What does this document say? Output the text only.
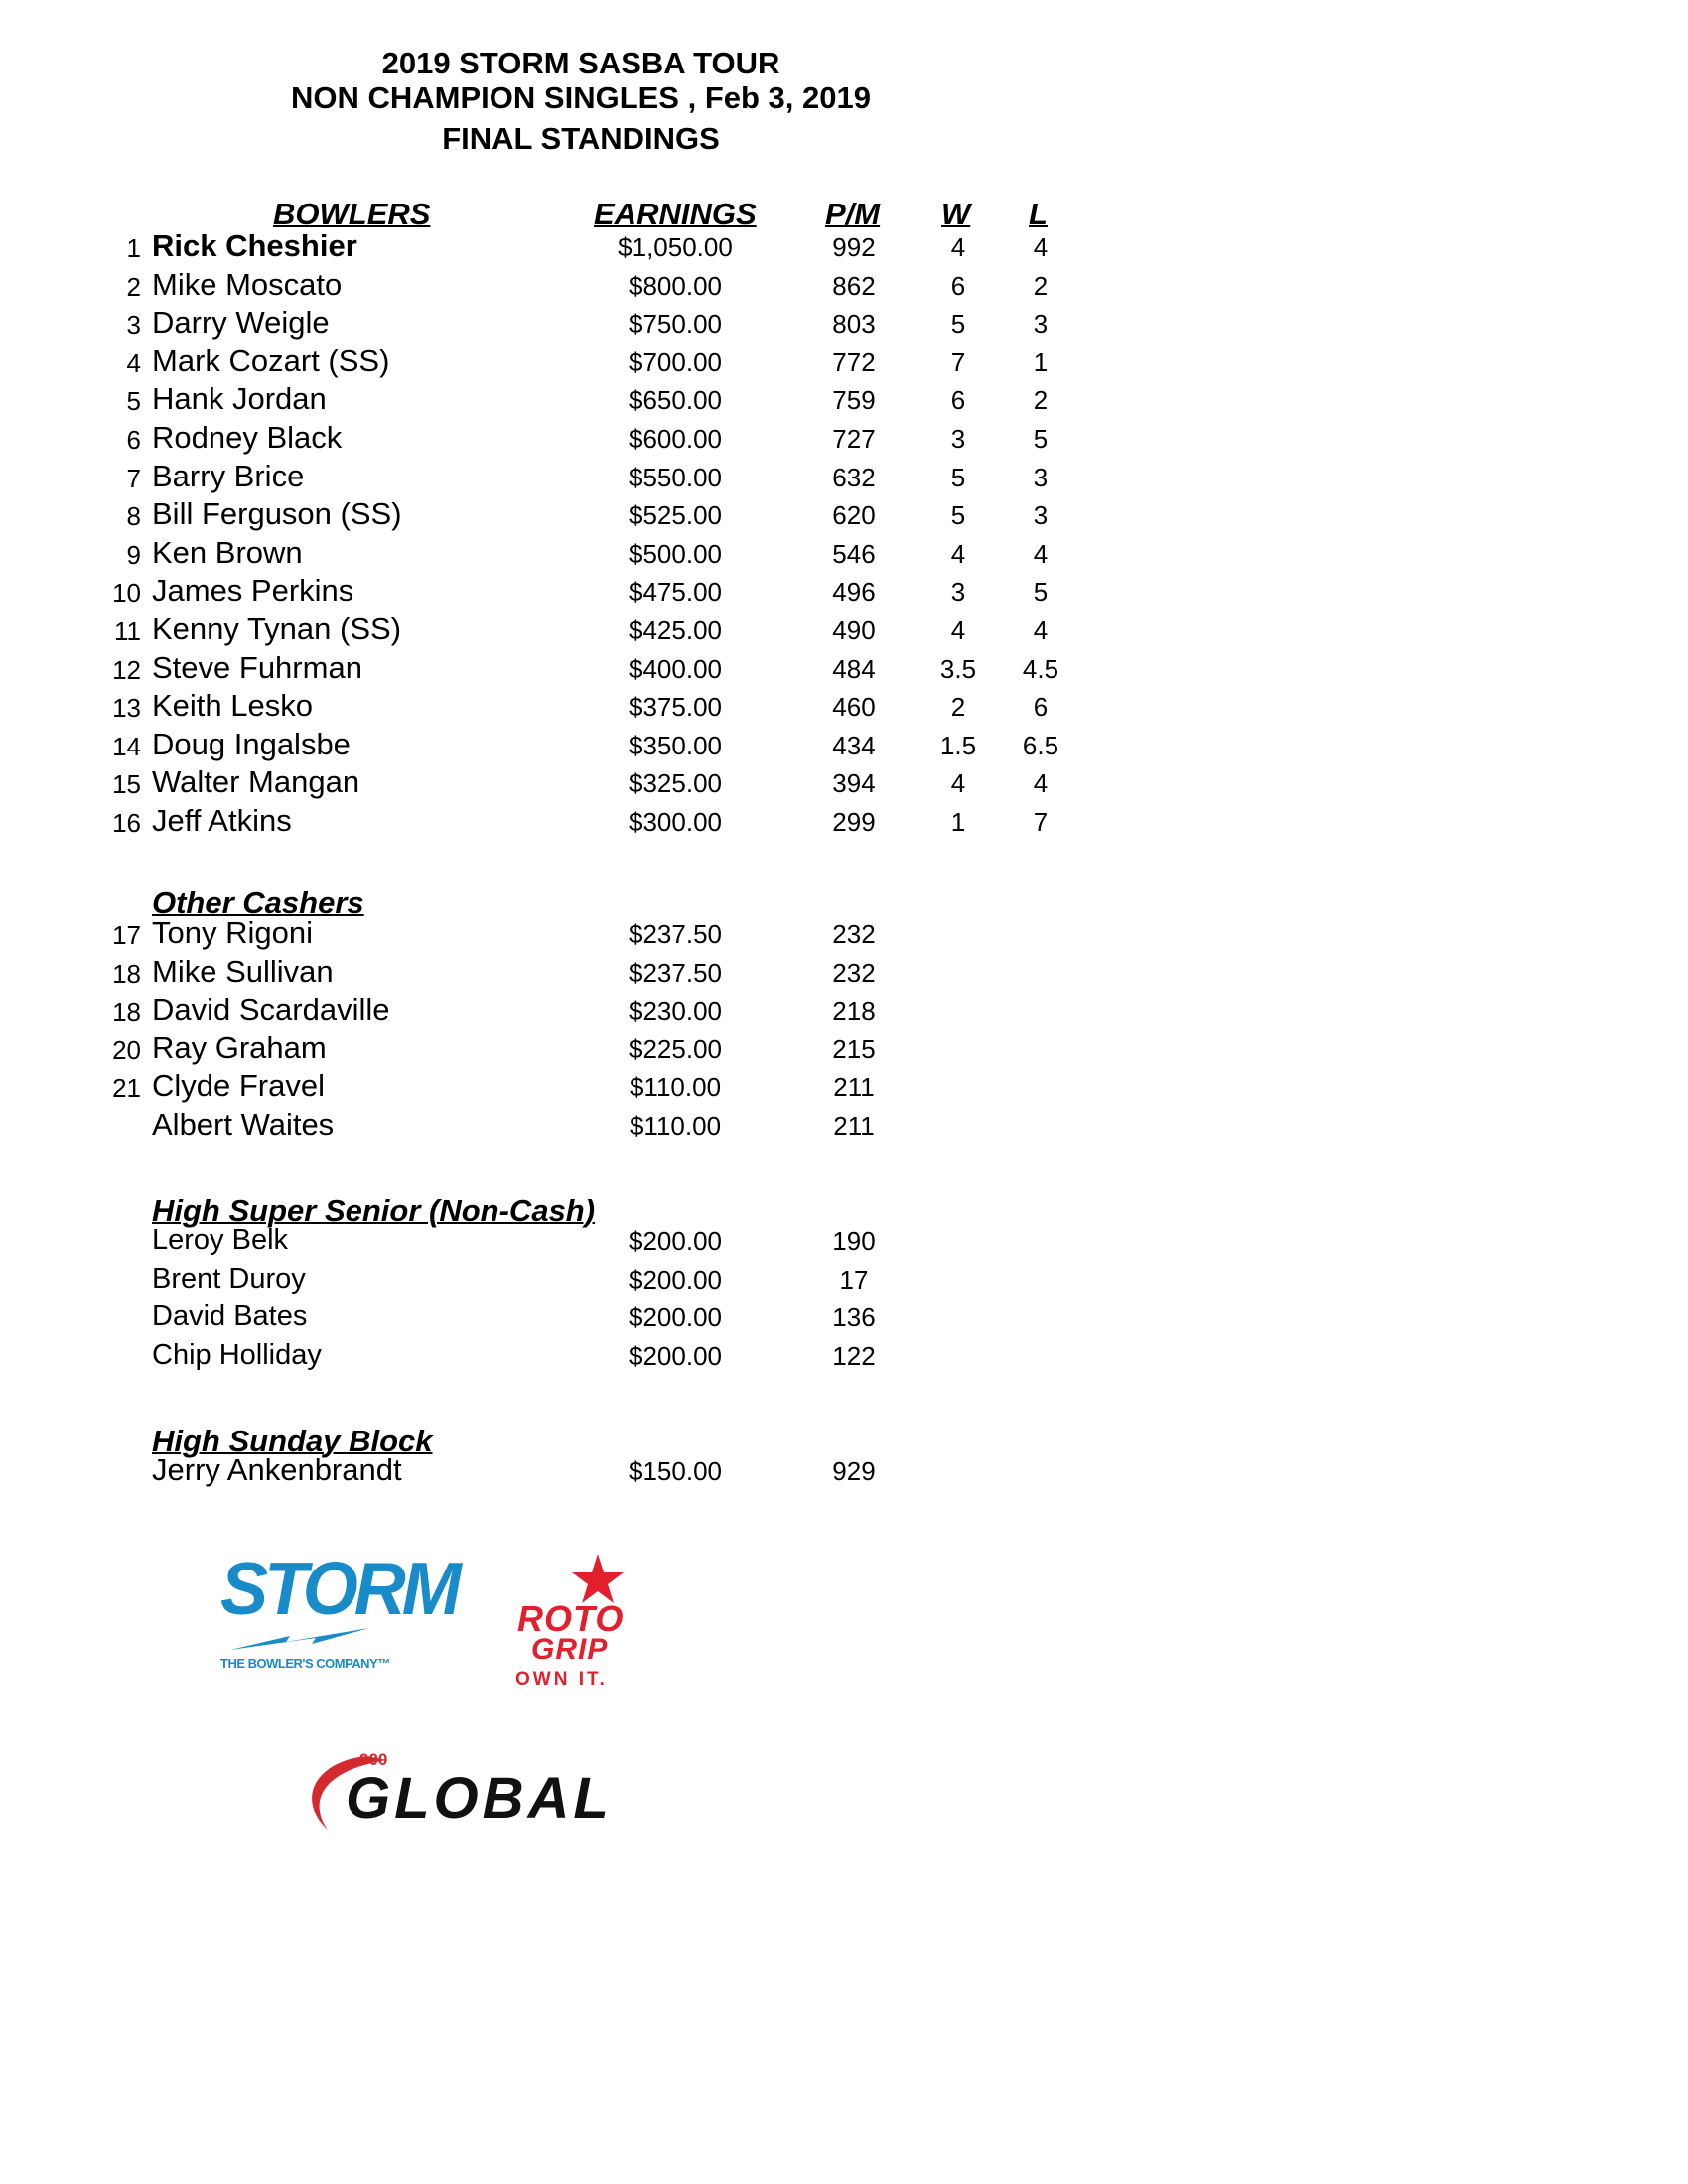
2019 STORM SASBA TOUR
NON CHAMPION SINGLES , Feb 3, 2019
FINAL STANDINGS
BOWLERS	EARNINGS P/M W L
1 Rick Cheshier	$1,050.00	992	4	4
2 Mike Moscato	$800.00	862	6	2
3 Darry Weigle	$750.00	803	5	3
4 Mark Cozart (SS)	$700.00	772	7	1
5 Hank Jordan	$650.00	759	6	2
6 Rodney Black	$600.00	727	3	5
7 Barry Brice	$550.00	632	5	3
8 Bill Ferguson (SS)	$525.00	620	5	3
9 Ken Brown	$500.00	546	4	4
10 James Perkins	$475.00	496	3	5
11 Kenny Tynan (SS)	$425.00	490	4	4
12 Steve Fuhrman	$400.00	484	3.5	4.5
13 Keith Lesko	$375.00	460	2	6
14 Doug Ingalsbe	$350.00	434	1.5	6.5
15 Walter Mangan	$325.00	394	4	4
16 Jeff Atkins	$300.00	299	1	7
Other Cashers
17 Tony Rigoni	$237.50	232
18 Mike Sullivan	$237.50	232
18 David Scardaville	$230.00	218
20 Ray Graham	$225.00	215
21 Clyde Fravel	$110.00	211
Albert Waites	$110.00	211
High Super Senior (Non-Cash)
Leroy Belk	$200.00	190
Brent Duroy	$200.00	17
David Bates	$200.00	136
Chip Holliday	$200.00	122
High Sunday Block
Jerry Ankenbrandt	$150.00	929
STORM
THE BOWLER'S COMPANY™
ROTO
GRIP
OWN IT.
900
GLOBAL
